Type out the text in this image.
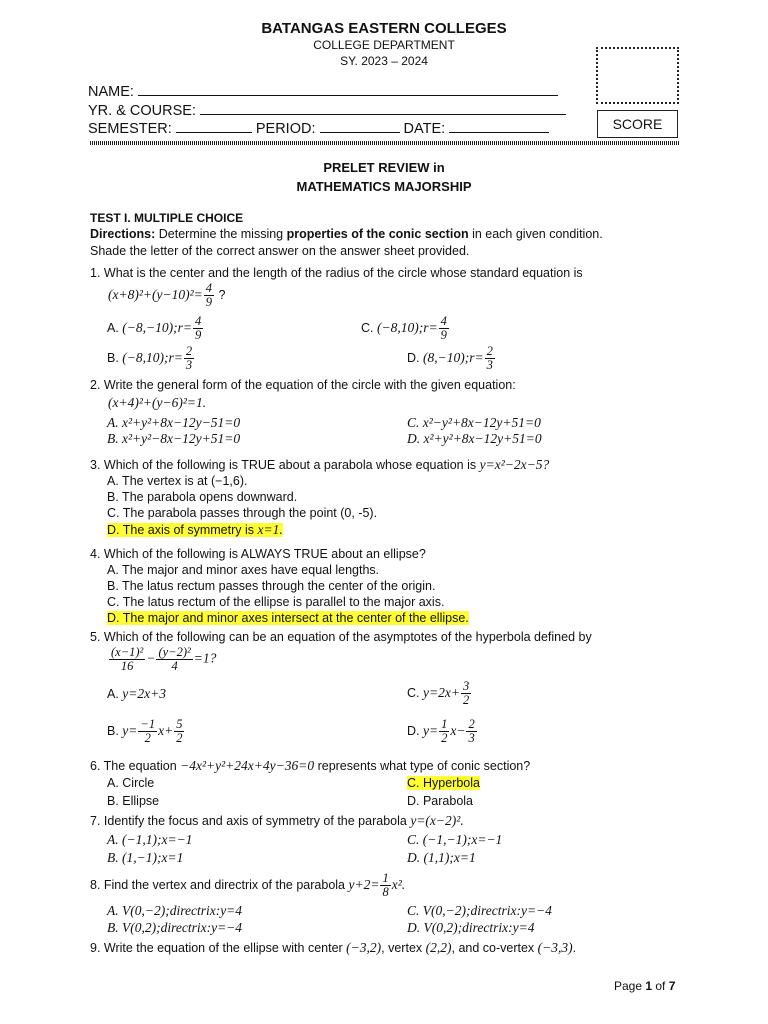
BATANGAS EASTERN COLLEGES
COLLEGE DEPARTMENT
SY. 2023 – 2024
SCORE
NAME:
YR. & COURSE:
SEMESTER:	PERIOD:	DATE:
PRELET REVIEW in
MATHEMATICS MAJORSHIP
TEST I. MULTIPLE CHOICE
Directions: Determine the missing properties of the conic section in each given condition.
Shade the letter of the correct answer on the answer sheet provided.
1. What is the center and the length of the radius of the circle whose standard equation is
$(x+8)^2+(y-10)^2= \frac{4}{9}$ ?
A. (−8,−10);r= $\frac{4}{9}$	C. (−8,10);r= $\frac{4}{9}$
B. (−8,10);r= $\frac{2}{3}$	D. (8,−10);r= $\frac{2}{3}$
2. Write the general form of the equation of the circle with the given equation:
(x+4)²+(y−6)²=1.
A. x²+y²+8x−12y−51=0	C. x²−y²+8x−12y+51=0
B. x²+y²−8x−12y+51=0	D. x²+y²+8x−12y+51=0
3. Which of the following is TRUE about a parabola whose equation is y=x²−2x−5?
A. The vertex is at (−1,6).
B. The parabola opens downward.
C. The parabola passes through the point (0, -5).
D. The axis of symmetry is x=1.
4. Which of the following is ALWAYS TRUE about an ellipse?
A. The major and minor axes have equal lengths.
B. The latus rectum passes through the center of the origin.
C. The latus rectum of the ellipse is parallel to the major axis.
D. The major and minor axes intersect at the center of the ellipse.
5. Which of the following can be an equation of the asymptotes of the hyperbola defined by
$\frac{\text{(x−1)²}}{16} - \frac{\text{(y−2)²}}{4} =1$?
A. y=2x+3	C. $y=2x+ \frac{3}{2}$
B. $y= \frac{-1}{2} x+ \frac{5}{2}$	D. $y= \frac{1}{2} x- \frac{2}{3}$
6. The equation −4x²+y²+24x+4y−36=0 represents what type of conic section?
A. Circle	C. Hyperbola
B. Ellipse	D. Parabola
7. Identify the focus and axis of symmetry of the parabola y=(x−2)².
A. (−1,1);x=−1	C. (−1,−1);x=−1
B. (1,−1);x=1	D. (1,1);x=1
8. Find the vertex and directrix of the parabola $y+2= \frac{1}{8} x^2$.
A. V(0,−2);directrix:y=4	C. V(0,−2);directrix:y=−4
B. V(0,2);directrix:y=−4	D. V(0,2);directrix:y=4
9. Write the equation of the ellipse with center (−3,2), vertex (2,2), and co-vertex (−3,3).
Page 1 of 7
